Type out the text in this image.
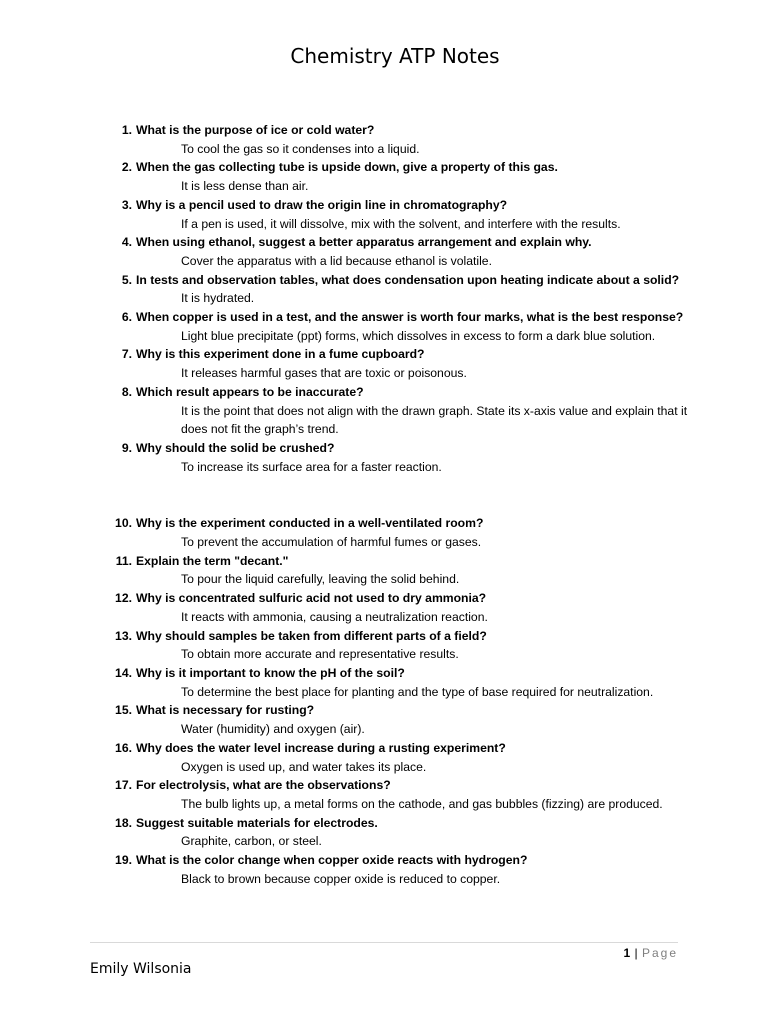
Chemistry ATP Notes
1. What is the purpose of ice or cold water?
To cool the gas so it condenses into a liquid.
2. When the gas collecting tube is upside down, give a property of this gas.
It is less dense than air.
3. Why is a pencil used to draw the origin line in chromatography?
If a pen is used, it will dissolve, mix with the solvent, and interfere with the results.
4. When using ethanol, suggest a better apparatus arrangement and explain why.
Cover the apparatus with a lid because ethanol is volatile.
5. In tests and observation tables, what does condensation upon heating indicate about a solid?
It is hydrated.
6. When copper is used in a test, and the answer is worth four marks, what is the best response?
Light blue precipitate (ppt) forms, which dissolves in excess to form a dark blue solution.
7. Why is this experiment done in a fume cupboard?
It releases harmful gases that are toxic or poisonous.
8. Which result appears to be inaccurate?
It is the point that does not align with the drawn graph. State its x-axis value and explain that it does not fit the graph’s trend.
9. Why should the solid be crushed?
To increase its surface area for a faster reaction.
10. Why is the experiment conducted in a well-ventilated room?
To prevent the accumulation of harmful fumes or gases.
11. Explain the term "decant."
To pour the liquid carefully, leaving the solid behind.
12. Why is concentrated sulfuric acid not used to dry ammonia?
It reacts with ammonia, causing a neutralization reaction.
13. Why should samples be taken from different parts of a field?
To obtain more accurate and representative results.
14. Why is it important to know the pH of the soil?
To determine the best place for planting and the type of base required for neutralization.
15. What is necessary for rusting?
Water (humidity) and oxygen (air).
16. Why does the water level increase during a rusting experiment?
Oxygen is used up, and water takes its place.
17. For electrolysis, what are the observations?
The bulb lights up, a metal forms on the cathode, and gas bubbles (fizzing) are produced.
18. Suggest suitable materials for electrodes.
Graphite, carbon, or steel.
19. What is the color change when copper oxide reacts with hydrogen?
Black to brown because copper oxide is reduced to copper.
1 | Page
Emily Wilsonia
